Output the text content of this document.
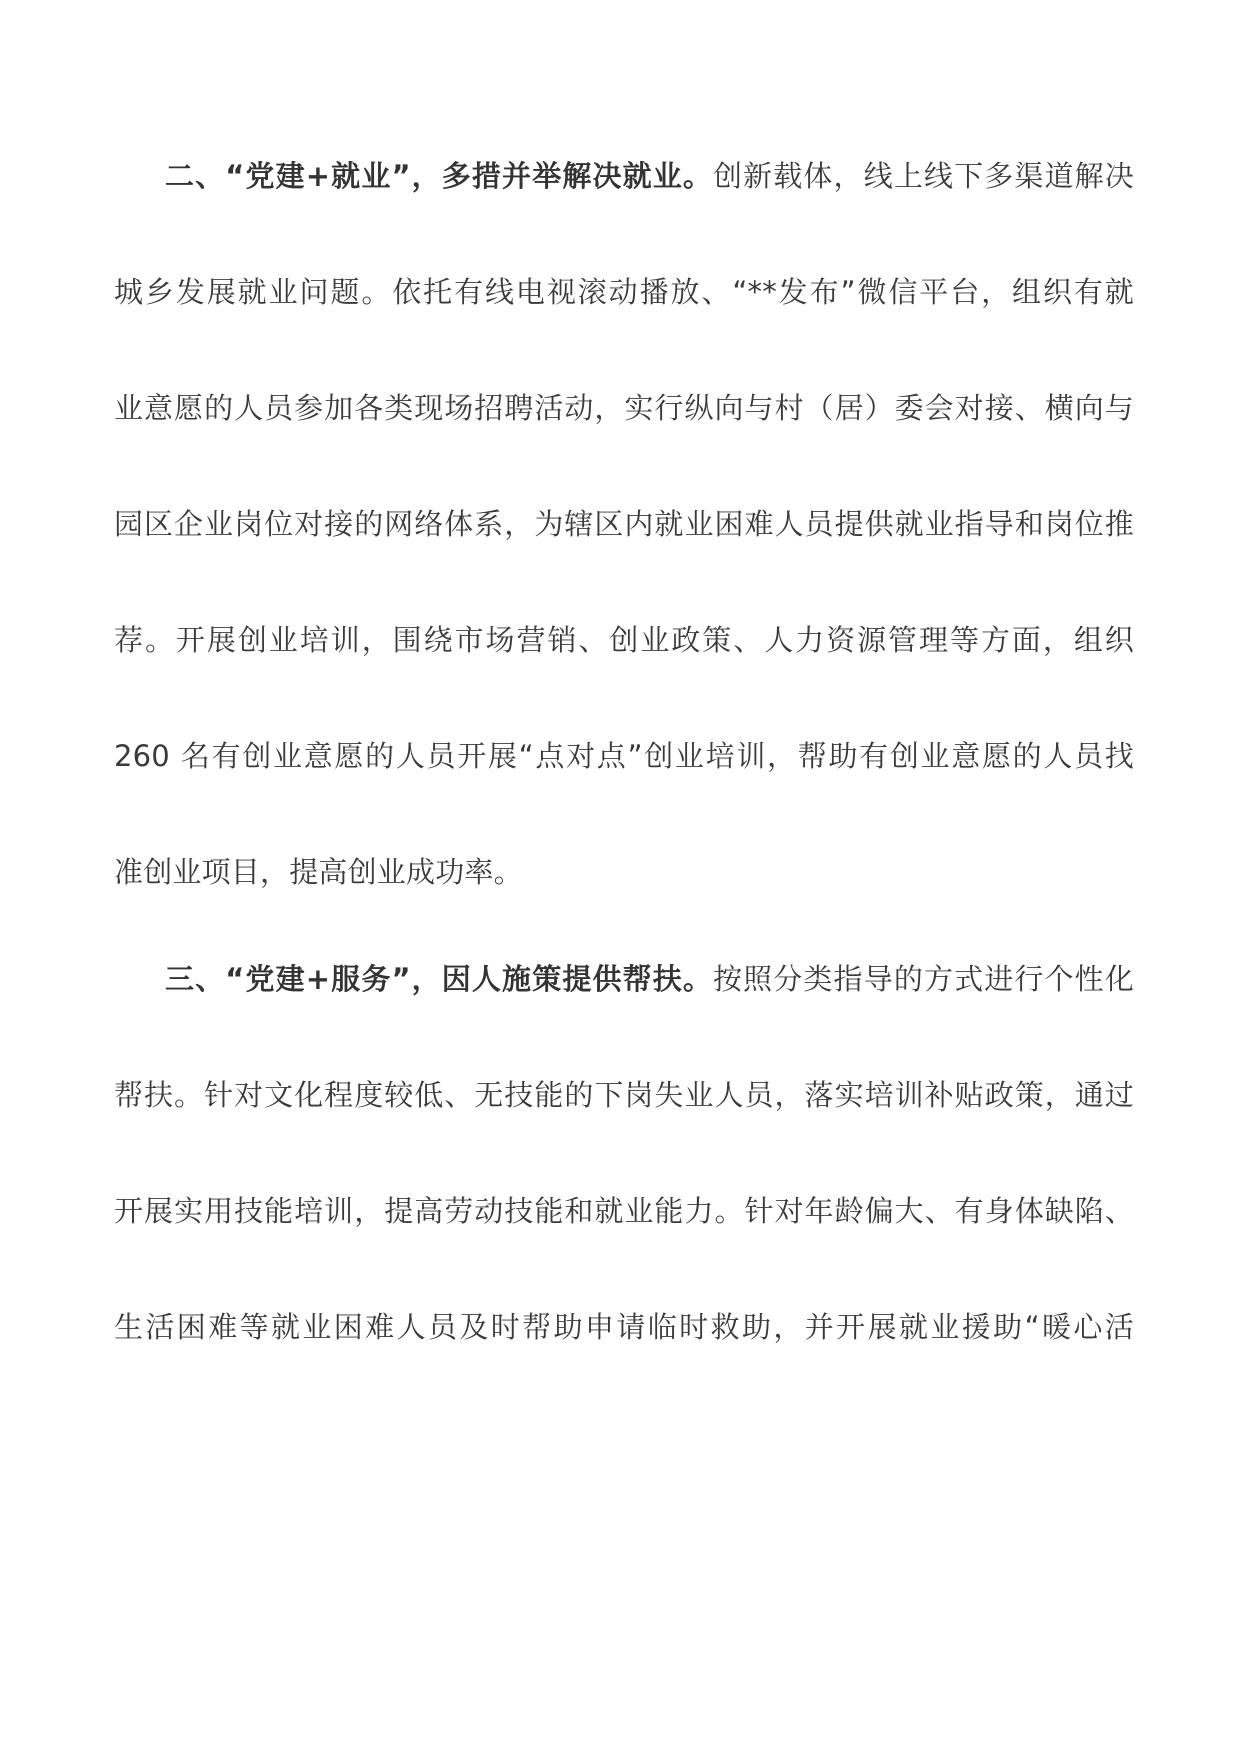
二、“党建+就业”，多措并举解决就业。创新载体，线上线下多渠道解决
城乡发展就业问题。依托有线电视滚动播放、“**发布”微信平台，组织有就
业意愿的人员参加各类现场招聘活动，实行纵向与村（居）委会对接、横向与
园区企业岗位对接的网络体系，为辖区内就业困难人员提供就业指导和岗位推
荐。开展创业培训，围绕市场营销、创业政策、人力资源管理等方面，组织
260 名有创业意愿的人员开展“点对点”创业培训，帮助有创业意愿的人员找
准创业项目，提高创业成功率。
三、“党建+服务”，因人施策提供帮扶。按照分类指导的方式进行个性化
帮扶。针对文化程度较低、无技能的下岗失业人员，落实培训补贴政策，通过
开展实用技能培训，提高劳动技能和就业能力。针对年龄偏大、有身体缺陷、
生活困难等就业困难人员及时帮助申请临时救助，并开展就业援助“暖心活
